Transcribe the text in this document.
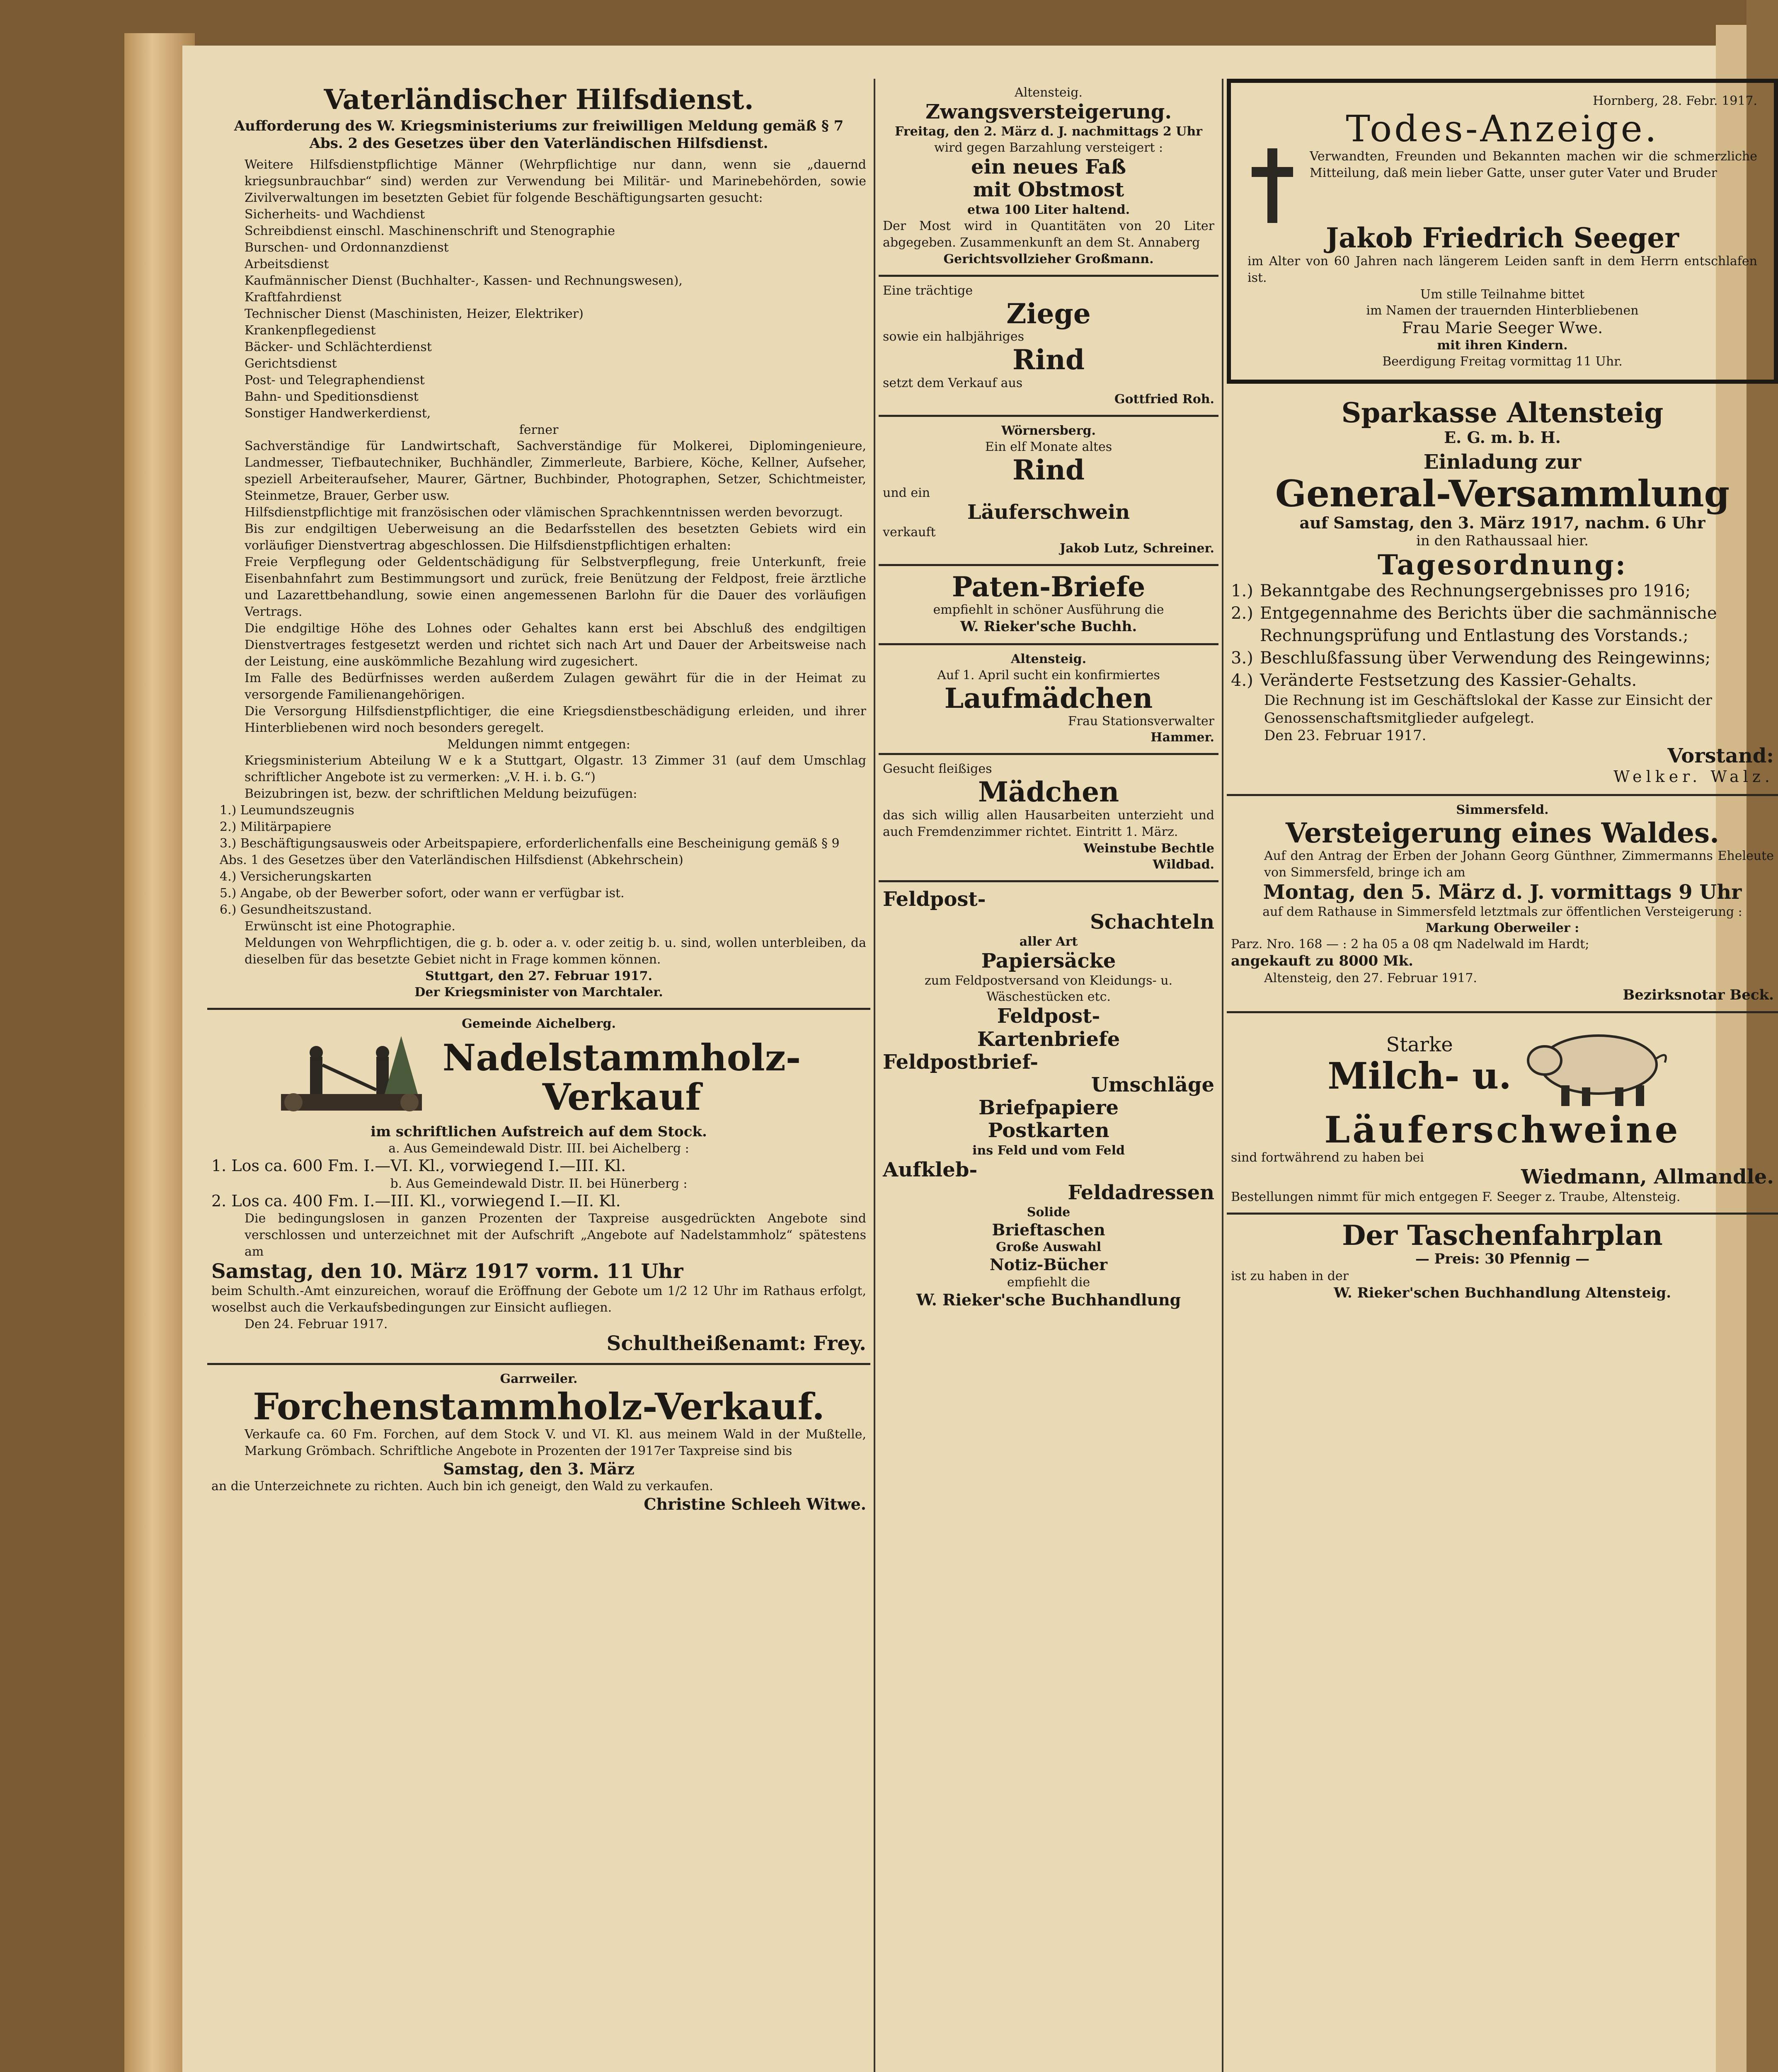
Vaterländischer Hilfsdienst.
Aufforderung des W. Kriegsministeriums zur freiwilligen Meldung gemäß § 7 Abs. 2 des Gesetzes über den Vaterländischen Hilfsdienst.
Weitere Hilfsdienstpflichtige Männer (Wehrpflichtige nur dann, wenn sie „dauernd kriegsunbrauchbar“ sind) werden zur Verwendung bei Militär- und Marinebehörden, sowie Zivilverwaltungen im besetzten Gebiet für folgende Beschäftigungsarten gesucht:
Sicherheits- und Wachdienst
Schreibdienst einschl. Maschinenschrift und Stenographie
Burschen- und Ordonnanzdienst
Arbeitsdienst
Kaufmännischer Dienst (Buchhalter-, Kassen- und Rechnungswesen),
Kraftfahrdienst
Technischer Dienst (Maschinisten, Heizer, Elektriker)
Krankenpflegedienst
Bäcker- und Schlächterdienst
Gerichtsdienst
Post- und Telegraphendienst
Bahn- und Speditionsdienst
Sonstiger Handwerkerdienst,
ferner
Sachverständige für Landwirtschaft, Sachverständige für Molkerei, Diplomingenieure, Landmesser, Tiefbautechniker, Buchhändler, Zimmerleute, Barbiere, Köche, Kellner, Aufseher, speziell Arbeiteraufseher, Maurer, Gärtner, Buchbinder, Photographen, Setzer, Schichtmeister, Steinmetze, Brauer, Gerber usw.
Hilfsdienstpflichtige mit französischen oder vlämischen Sprachkenntnissen werden bevorzugt.
Bis zur endgiltigen Ueberweisung an die Bedarfsstellen des besetzten Gebiets wird ein vorläufiger Dienstvertrag abgeschlossen. Die Hilfsdienstpflichtigen erhalten:
Freie Verpflegung oder Geldentschädigung für Selbstverpflegung, freie Unterkunft, freie Eisenbahnfahrt zum Bestimmungsort und zurück, freie Benützung der Feldpost, freie ärztliche und Lazarettbehandlung, sowie einen angemessenen Barlohn für die Dauer des vorläufigen Vertrags.
Die endgiltige Höhe des Lohnes oder Gehaltes kann erst bei Abschluß des endgiltigen Dienstvertrages festgesetzt werden und richtet sich nach Art und Dauer der Arbeitsweise nach der Leistung, eine auskömmliche Bezahlung wird zugesichert.
Im Falle des Bedürfnisses werden außerdem Zulagen gewährt für die in der Heimat zu versorgende Familienangehörigen.
Die Versorgung Hilfsdienstpflichtiger, die eine Kriegsdienstbeschädigung erleiden, und ihrer Hinterbliebenen wird noch besonders geregelt.
Meldungen nimmt entgegen:
Kriegsministerium Abteilung W e k a Stuttgart, Olgastr. 13 Zimmer 31 (auf dem Umschlag schriftlicher Angebote ist zu vermerken: „V. H. i. b. G.“)
Beizubringen ist, bezw. der schriftlichen Meldung beizufügen:
1.) Leumundszeugnis
2.) Militärpapiere
3.) Beschäftigungsausweis oder Arbeitspapiere, erforderlichenfalls eine Bescheinigung gemäß § 9 Abs. 1 des Gesetzes über den Vaterländischen Hilfsdienst (Abkehrschein)
4.) Versicherungskarten
5.) Angabe, ob der Bewerber sofort, oder wann er verfügbar ist.
6.) Gesundheitszustand.
Erwünscht ist eine Photographie.
Meldungen von Wehrpflichtigen, die g. b. oder a. v. oder zeitig b. u. sind, wollen unterbleiben, da dieselben für das besetzte Gebiet nicht in Frage kommen können.
Stuttgart, den 27. Februar 1917.
Der Kriegsminister von Marchtaler.
Gemeinde Aichelberg.
Nadelstammholz-
Verkauf
im schriftlichen Aufstreich auf dem Stock.
a. Aus Gemeindewald Distr. III. bei Aichelberg :
1. Los ca. 600 Fm. I.—VI. Kl., vorwiegend I.—III. Kl.
b. Aus Gemeindewald Distr. II. bei Hünerberg :
2. Los ca. 400 Fm. I.—III. Kl., vorwiegend I.—II. Kl.
Die bedingungslosen in ganzen Prozenten der Taxpreise ausgedrückten Angebote sind verschlossen und unterzeichnet mit der Aufschrift „Angebote auf Nadelstammholz“ spätestens am
Samstag, den 10. März 1917 vorm. 11 Uhr
beim Schulth.-Amt einzureichen, worauf die Eröffnung der Gebote um 1/2 12 Uhr im Rathaus erfolgt, woselbst auch die Verkaufsbedingungen zur Einsicht aufliegen.
Den 24. Februar 1917.
Schultheißenamt: Frey.
Garrweiler.
Forchenstammholz-Verkauf.
Verkaufe ca. 60 Fm. Forchen, auf dem Stock V. und VI. Kl. aus meinem Wald in der Mußtelle, Markung Grömbach. Schriftliche Angebote in Prozenten der 1917er Taxpreise sind bis
Samstag, den 3. März
an die Unterzeichnete zu richten. Auch bin ich geneigt, den Wald zu verkaufen.
Christine Schleeh Witwe.
Altensteig.
Zwangsversteigerung.
Freitag, den 2. März d. J. nachmittags 2 Uhr
wird gegen Barzahlung versteigert :
ein neues Faß
mit Obstmost
etwa 100 Liter haltend.
Der Most wird in Quantitäten von 20 Liter abgegeben. Zusammenkunft an dem St. Annaberg
Gerichtsvollzieher Großmann.
Eine trächtige
Ziege
sowie ein halbjähriges
Rind
setzt dem Verkauf aus
Gottfried Roh.
Wörnersberg.
Ein elf Monate altes
Rind
und ein
Läuferschwein
verkauft
Jakob Lutz, Schreiner.
Paten-Briefe
empfiehlt in schöner Ausführung die
W. Rieker'sche Buchh.
Altensteig.
Auf 1. April sucht ein konfirmiertes
Laufmädchen
Frau Stationsverwalter
Hammer.
Gesucht fleißiges
Mädchen
das sich willig allen Hausarbeiten unterzieht und auch Fremdenzimmer richtet. Eintritt 1. März.
Weinstube Bechtle
Wildbad.
Feldpost-
Schachteln
aller Art
Papiersäcke
zum Feldpostversand von Kleidungs- u. Wäschestücken etc.
Feldpost-
Kartenbriefe
Feldpostbrief-
Umschläge
Briefpapiere
Postkarten
ins Feld und vom Feld
Aufkleb-
Feldadressen
Solide
Brieftaschen
Große Auswahl
Notiz-Bücher
empfiehlt die
W. Rieker'sche Buchhandlung
Hornberg, 28. Febr. 1917.
Todes-Anzeige.
Verwandten, Freunden und Bekannten machen wir die schmerzliche Mitteilung, daß mein lieber Gatte, unser guter Vater und Bruder
Jakob Friedrich Seeger
im Alter von 60 Jahren nach längerem Leiden sanft in dem Herrn entschlafen ist.
Um stille Teilnahme bittet
im Namen der trauernden Hinterbliebenen
Frau Marie Seeger Wwe.
mit ihren Kindern.
Beerdigung Freitag vormittag 11 Uhr.
Sparkasse Altensteig
E. G. m. b. H.
Einladung zur
General-Versammlung
auf Samstag, den 3. März 1917, nachm. 6 Uhr
in den Rathaussaal hier.
Tagesordnung:
1.)	Bekanntgabe des Rechnungsergebnisses pro 1916;
2.)	Entgegennahme des Berichts über die sachmännische Rechnungsprüfung und Entlastung des Vorstands.;
3.)	Beschlußfassung über Verwendung des Reingewinns;
4.)	Veränderte Festsetzung des Kassier-Gehalts.
Die Rechnung ist im Geschäftslokal der Kasse zur Einsicht der Genossenschaftsmitglieder aufgelegt.
Den 23. Februar 1917.
Vorstand:
Welker. Walz.
Simmersfeld.
Versteigerung eines Waldes.
Auf den Antrag der Erben der Johann Georg Günthner, Zimmermanns Eheleute von Simmersfeld, bringe ich am
Montag, den 5. März d. J. vormittags 9 Uhr
auf dem Rathause in Simmersfeld letztmals zur öffentlichen Versteigerung :
Markung Oberweiler :
Parz. Nro. 168 — : 2 ha 05 a 08 qm Nadelwald im Hardt;
angekauft zu 8000 Mk.
Altensteig, den 27. Februar 1917.
Bezirksnotar Beck.
Starke
Milch- u.
Läuferschweine
sind fortwährend zu haben bei
Wiedmann, Allmandle.
Bestellungen nimmt für mich entgegen F. Seeger z. Traube, Altensteig.
Der Taschenfahrplan
— Preis: 30 Pfennig —
ist zu haben in der
W. Rieker'schen Buchhandlung Altensteig.
